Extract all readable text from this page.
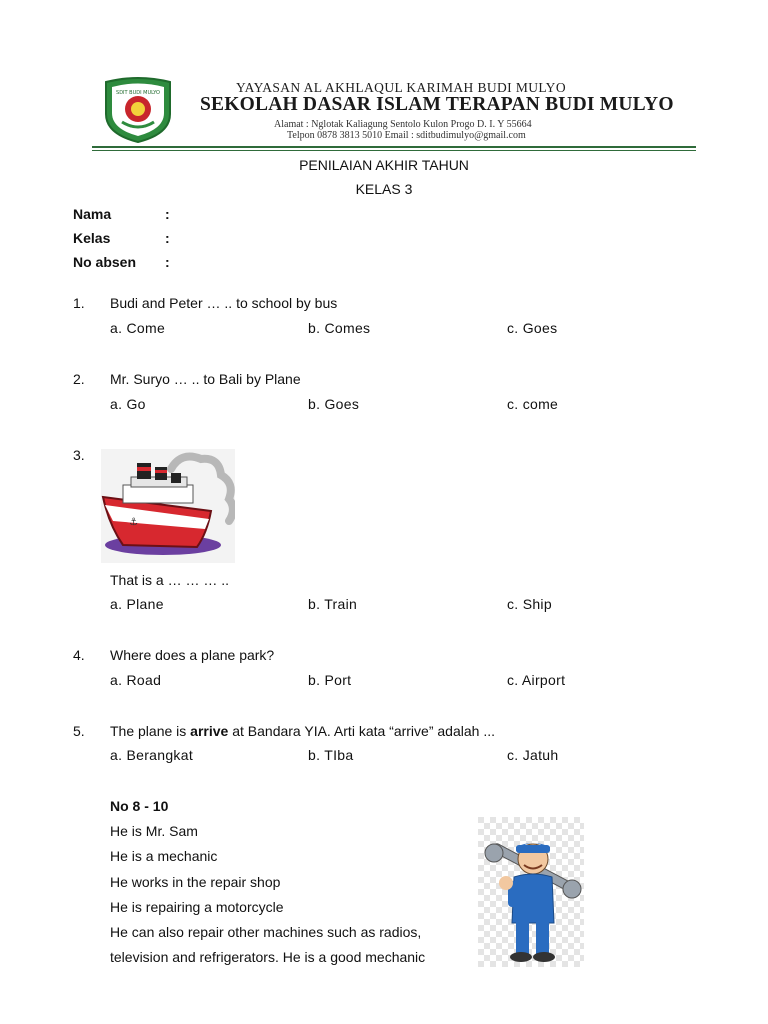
SDIT BUDI MULYO	YAYASAN AL AKHLAQUL KARIMAH BUDI MULYO
SEKOLAH DASAR ISLAM TERAPAN BUDI MULYO
Alamat : Nglotak Kaliagung Sentolo Kulon Progo D. I. Y 55664
Telpon 0878 3813 5010 Email : sditbudimulyo@gmail.com
PENILAIAN AKHIR TAHUN
KELAS 3
Nama	:
Kelas	:
No absen :
1. Budi and Peter … .. to school by bus
a. Come	b. Comes	c. Goes
2. Mr. Suryo … .. to Bali by Plane
a. Go	b. Goes	c. come
3.
⚓
That is a … … … ..
a. Plane	b. Train	c. Ship
4. Where does a plane park?
a. Road	b. Port	c. Airport
5. The plane is arrive at Bandara YIA. Arti kata “arrive” adalah ...
a. Berangkat	b. TIba	c. Jatuh
No 8 - 10
He is Mr. Sam
He is a mechanic
He works in the repair shop
He is repairing a motorcycle
He can also repair other machines such as radios,
television and refrigerators. He is a good mechanic
